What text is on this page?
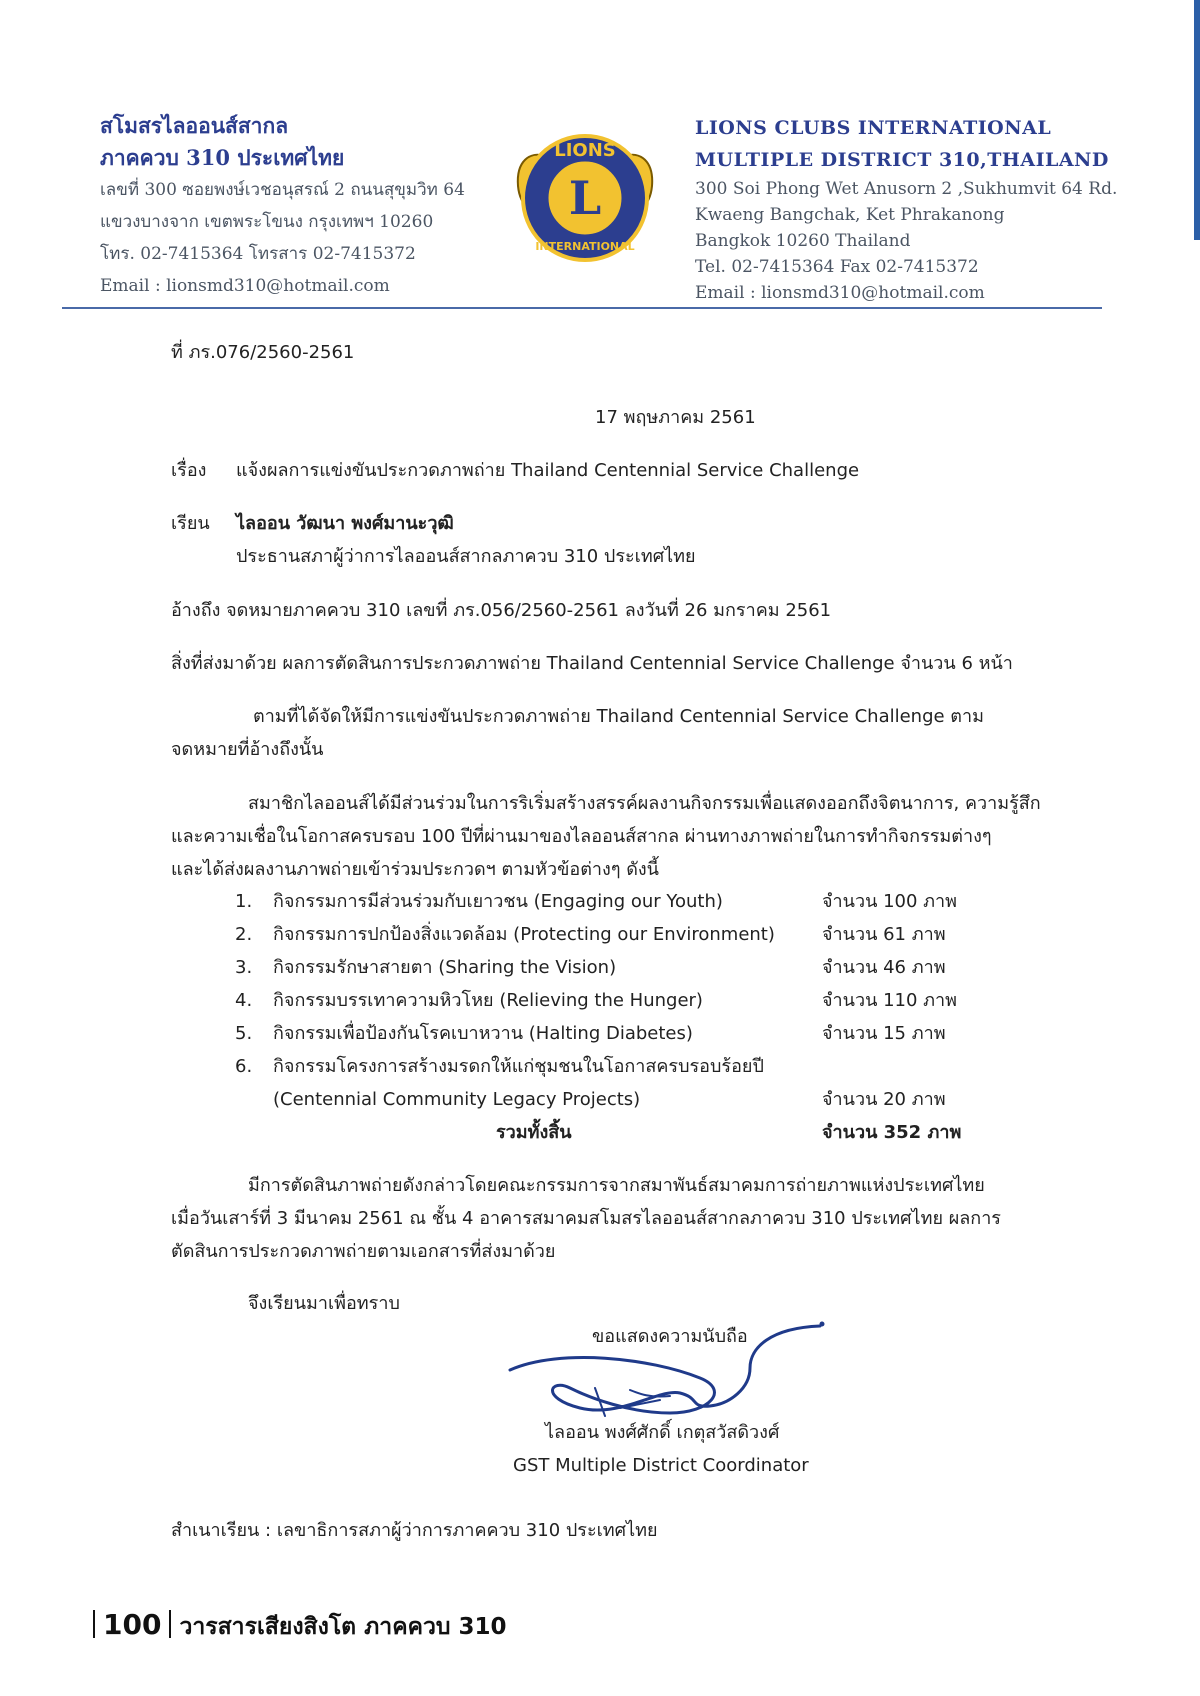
สโมสรไลออนส์สากล
ภาคควบ 310 ประเทศไทย
เลขที่ 300 ซอยพงษ์เวชอนุสรณ์ 2 ถนนสุขุมวิท 64
แขวงบางจาก เขตพระโขนง กรุงเทพฯ 10260
โทร. 02-7415364 โทรสาร 02-7415372
Email : lionsmd310@hotmail.com
LIONS
L
INTERNATIONAL
LIONS CLUBS INTERNATIONAL
MULTIPLE DISTRICT 310,THAILAND
300 Soi Phong Wet Anusorn 2 ,Sukhumvit 64 Rd.
Kwaeng Bangchak, Ket Phrakanong
Bangkok 10260 Thailand
Tel. 02-7415364 Fax 02-7415372
Email : lionsmd310@hotmail.com
ที่ ภร.076/2560-2561
17 พฤษภาคม 2561
เรื่อง แจ้งผลการแข่งขันประกวดภาพถ่าย Thailand Centennial Service Challenge
เรียน ไลออน วัฒนา พงศ์มานะวุฒิ
ประธานสภาผู้ว่าการไลออนส์สากลภาควบ 310 ประเทศไทย
อ้างถึง จดหมายภาคควบ 310 เลขที่ ภร.056/2560-2561 ลงวันที่ 26 มกราคม 2561
สิ่งที่ส่งมาด้วย ผลการตัดสินการประกวดภาพถ่าย Thailand Centennial Service Challenge จำนวน 6 หน้า
ตามที่ได้จัดให้มีการแข่งขันประกวดภาพถ่าย Thailand Centennial Service Challenge ตาม
จดหมายที่อ้างถึงนั้น
สมาชิกไลออนส์ได้มีส่วนร่วมในการริเริ่มสร้างสรรค์ผลงานกิจกรรมเพื่อแสดงออกถึงจิตนาการ, ความรู้สึก
และความเชื่อในโอกาสครบรอบ 100 ปีที่ผ่านมาของไลออนส์สากล ผ่านทางภาพถ่ายในการทำกิจกรรมต่างๆ
และได้ส่งผลงานภาพถ่ายเข้าร่วมประกวดฯ ตามหัวข้อต่างๆ ดังนี้
1. กิจกรรมการมีส่วนร่วมกับเยาวชน (Engaging our Youth)	จำนวน 100 ภาพ
2. กิจกรรมการปกป้องสิ่งแวดล้อม (Protecting our Environment)	จำนวน 61 ภาพ
3. กิจกรรมรักษาสายตา (Sharing the Vision)	จำนวน 46 ภาพ
4. กิจกรรมบรรเทาความหิวโหย (Relieving the Hunger)	จำนวน 110 ภาพ
5. กิจกรรมเพื่อป้องกันโรคเบาหวาน (Halting Diabetes)	จำนวน 15 ภาพ
6. กิจกรรมโครงการสร้างมรดกให้แก่ชุมชนในโอกาสครบรอบร้อยปี
(Centennial Community Legacy Projects)	จำนวน 20 ภาพ
รวมทั้งสิ้น	จำนวน 352 ภาพ
มีการตัดสินภาพถ่ายดังกล่าวโดยคณะกรรมการจากสมาพันธ์สมาคมการถ่ายภาพแห่งประเทศไทย
เมื่อวันเสาร์ที่ 3 มีนาคม 2561 ณ ชั้น 4 อาคารสมาคมสโมสรไลออนส์สากลภาควบ 310 ประเทศไทย ผลการ
ตัดสินการประกวดภาพถ่ายตามเอกสารที่ส่งมาด้วย
จึงเรียนมาเพื่อทราบ
ขอแสดงความนับถือ
ไลออน พงศ์ศักดิ์ เกตุสวัสดิวงศ์
GST Multiple District Coordinator
สำเนาเรียน : เลขาธิการสภาผู้ว่าการภาคควบ 310 ประเทศไทย
100 วารสารเสียงสิงโต ภาคควบ 310
